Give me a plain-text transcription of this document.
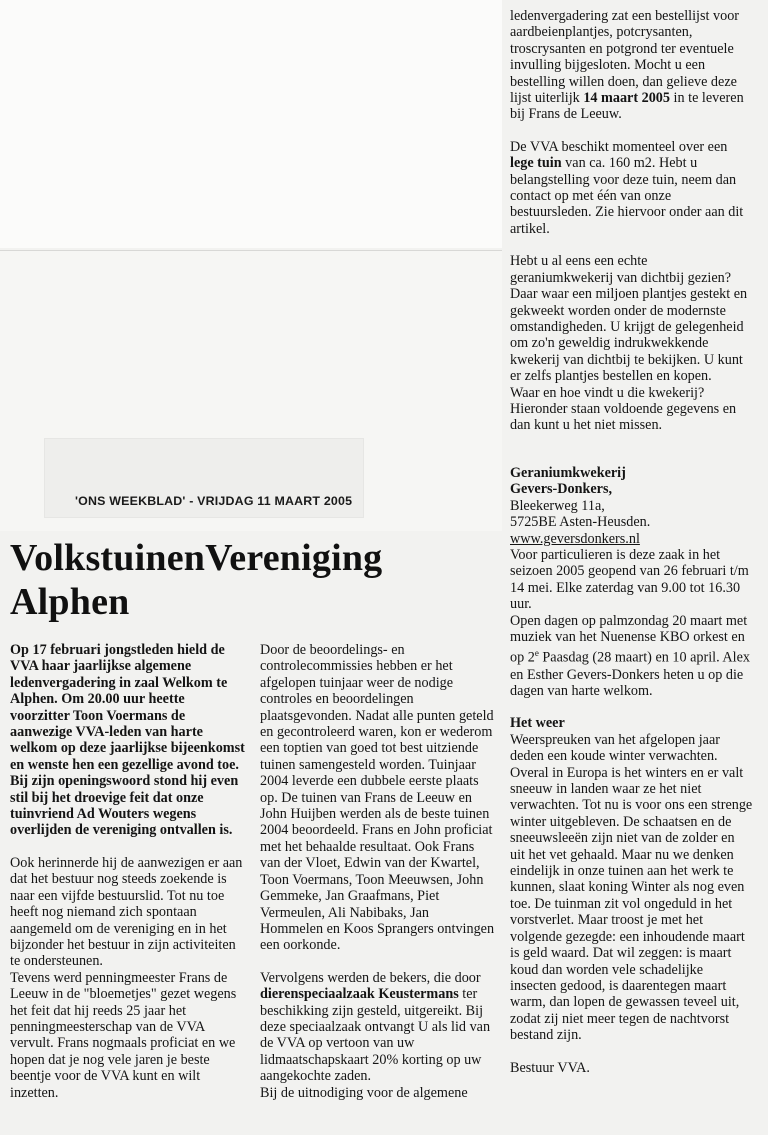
'ONS WEEKBLAD' - VRIJDAG 11 MAART 2005

ledenvergadering zat een bestellijst voor aardbeienplantjes, potcrysanten, troscrysanten en potgrond ter eventuele invulling bijgesloten. Mocht u een bestelling willen doen, dan gelieve deze lijst uiterlijk 14 maart 2005 in te leveren bij Frans de Leeuw.

De VVA beschikt momenteel over een lege tuin van ca. 160 m2. Hebt u belangstelling voor deze tuin, neem dan contact op met één van onze bestuursleden. Zie hiervoor onder aan dit artikel.

Hebt u al eens een echte geraniumkwekerij van dichtbij gezien? Daar waar een miljoen plantjes gestekt en gekweekt worden onder de modernste omstandigheden. U krijgt de gelegenheid om zo'n geweldig indrukwekkende kwekerij van dichtbij te bekijken. U kunt er zelfs plantjes bestellen en kopen.

Waar en hoe vindt u die kwekerij? Hieronder staan voldoende gegevens en dan kunt u het niet missen.

Geraniumkwekerij

Gevers-Donkers,

Bleekerweg 11a,

5725BE Asten-Heusden.

www.geversdonkers.nl

Voor particulieren is deze zaak in het seizoen 2005 geopend van 26 februari t/m 14 mei. Elke zaterdag van 9.00 tot 16.30 uur.

Open dagen op palmzondag 20 maart met muziek van het Nuenense KBO orkest en op 2e Paasdag (28 maart) en 10 april. Alex en Esther Gevers-Donkers heten u op die dagen van harte welkom.

Het weer

Weerspreuken van het afgelopen jaar deden een koude winter verwachten. Overal in Europa is het winters en er valt sneeuw in landen waar ze het niet verwachten. Tot nu is voor ons een strenge winter uitgebleven. De schaatsen en de sneeuwsleeën zijn niet van de zolder en uit het vet gehaald. Maar nu we denken eindelijk in onze tuinen aan het werk te kunnen, slaat koning Winter als nog even toe. De tuinman zit vol ongeduld in het vorstverlet. Maar troost je met het volgende gezegde: een inhoudende maart is geld waard. Dat wil zeggen: is maart koud dan worden vele schadelijke insecten gedood, is daarentegen maart warm, dan lopen de gewassen teveel uit, zodat zij niet meer tegen de nachtvorst bestand zijn.

Bestuur VVA.

VolkstuinenVereniging
Alphen

Op 17 februari jongstleden hield de VVA haar jaarlijkse algemene ledenvergadering in zaal Welkom te Alphen. Om 20.00 uur heette voorzitter Toon Voermans de aanwezige VVA-leden van harte welkom op deze jaarlijkse bijeenkomst en wenste hen een gezellige avond toe. Bij zijn openingswoord stond hij even stil bij het droevige feit dat onze tuinvriend Ad Wouters wegens overlijden de vereniging ontvallen is.

Ook herinnerde hij de aanwezigen er aan dat het bestuur nog steeds zoekende is naar een vijfde bestuurslid. Tot nu toe heeft nog niemand zich spontaan aangemeld om de vereniging en in het bijzonder het bestuur in zijn activiteiten te ondersteunen.

Tevens werd penningmeester Frans de Leeuw in de "bloemetjes" gezet wegens het feit dat hij reeds 25 jaar het penningmeesterschap van de VVA vervult. Frans nogmaals proficiat en we hopen dat je nog vele jaren je beste beentje voor de VVA kunt en wilt inzetten.

Door de beoordelings- en controlecommissies hebben er het afgelopen tuinjaar weer de nodige controles en beoordelingen plaatsgevonden. Nadat alle punten geteld en gecontroleerd waren, kon er wederom een toptien van goed tot best uitziende tuinen samengesteld worden. Tuinjaar 2004 leverde een dubbele eerste plaats op. De tuinen van Frans de Leeuw en John Huijben werden als de beste tuinen 2004 beoordeeld. Frans en John proficiat met het behaalde resultaat. Ook Frans van der Vloet, Edwin van der Kwartel, Toon Voermans, Toon Meeuwsen, John Gemmeke, Jan Graafmans, Piet Vermeulen, Ali Nabibaks, Jan Hommelen en Koos Sprangers ontvingen een oorkonde.

Vervolgens werden de bekers, die door dierenspeciaalzaak Keustermans ter beschikking zijn gesteld, uitgereikt. Bij deze speciaalzaak ontvangt U als lid van de VVA op vertoon van uw lidmaatschapskaart 20% korting op uw aangekochte zaden.

Bij de uitnodiging voor de algemene
